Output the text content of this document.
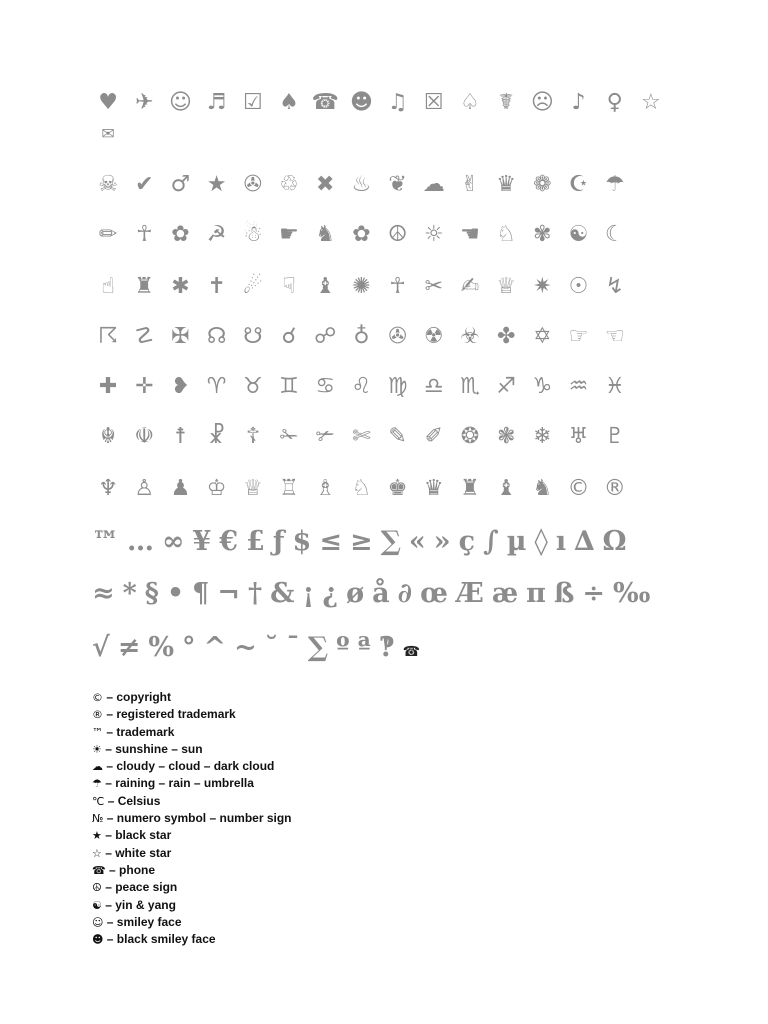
♥ ✈ ☺ ♬ ☑ ♠ ☎ ☻ ♫ ☒ ♤ ☤ ☹ ♪ ♀ ☆
✉
☠ ✔ ♂ ★ ✇ ♲ ✖ ♨ ❦ ☁ ✌ ♛ ❁ ☪ ☂
✏ ☥ ✿ ☭ ☃ ☛ ♞ ✿ ☮ ☼ ☚ ♘ ✾ ☯ ☾
☝ ♜ ✱ ✝ ☄ ☟ ♝ ✺ ☥ ✂ ✍ ♕ ✷ ☉ ↯
☈ ☡ ✠ ☊ ☋ ☌ ☍ ♁ ✇ ☢ ☣ ✤ ✡ ☞ ☜
✚ ✛ ❥ ♈ ♉ ♊ ♋ ♌ ♍ ♎ ♏ ♐ ♑ ♒ ♓
☬ ☫ ☨ ☧ ☦ ✁ ✃ ✄ ✎ ✐ ❂ ❃ ❄ ♅ ♇
♆ ♙ ♟ ♔ ♕ ♖ ♗ ♘ ♚ ♛ ♜ ♝ ♞ © ®
™ … ∞ ¥ € £ ƒ $ ≤ ≥ ∑ « » ç ∫ µ ◊ ı ∆ Ω
≈ * § • ¶ ¬ † & ¡ ¿ ø å ∂ œ Æ æ π ß ÷ ‰
√ ≠ % ° ^ ~ ˘ ¯ ∑ º ª ‽ ☎
© – copyright
® – registered trademark
™ – trademark
☀ – sunshine – sun
☁ – cloudy – cloud – dark cloud
☂ – raining – rain – umbrella
℃ – Celsius
№ – numero symbol – number sign
★ – black star
☆ – white star
☎ – phone
☮ – peace sign
☯ – yin & yang
☺ – smiley face
☻ – black smiley face
